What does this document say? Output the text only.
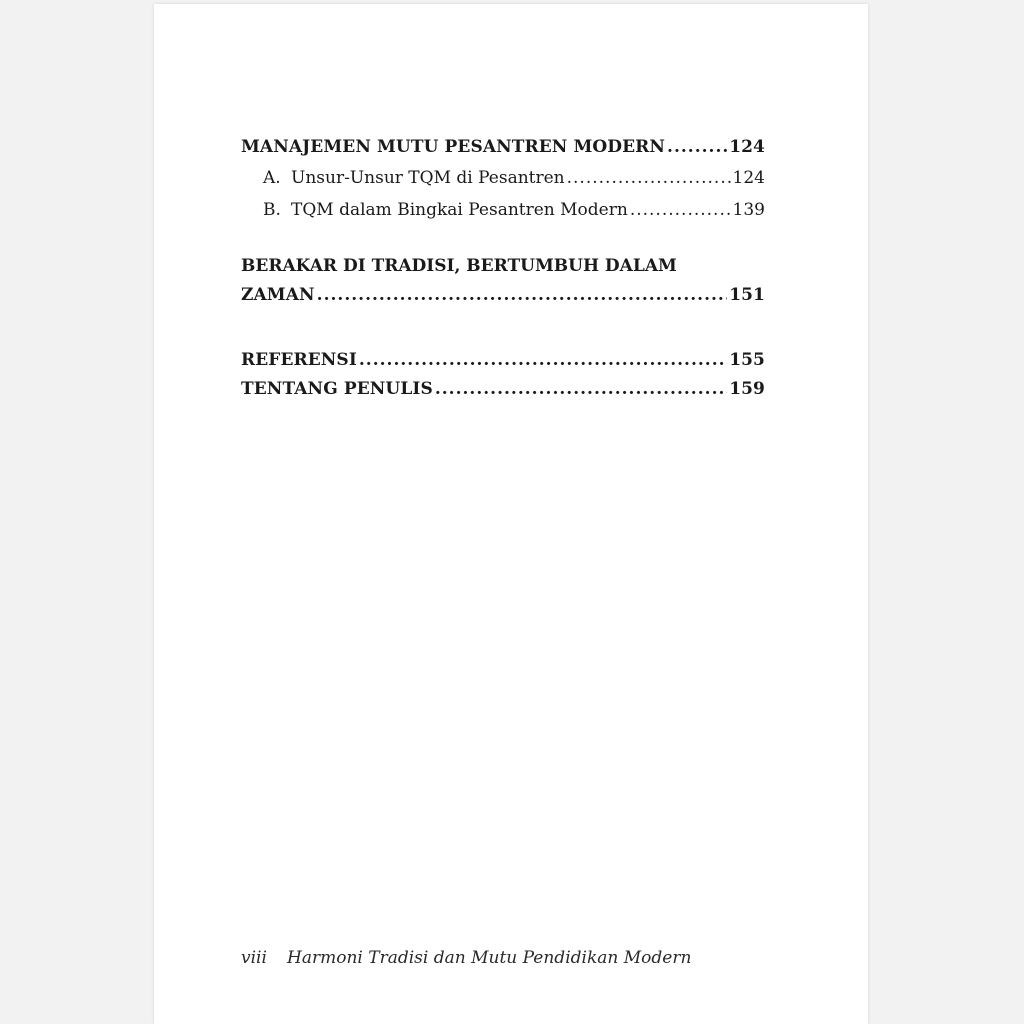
MANAJEMEN MUTU PESANTREN MODERN .....	124
A. Unsur-Unsur TQM di Pesantren .....	124
B. TQM dalam Bingkai Pesantren Modern .....	139
BERAKAR DI TRADISI, BERTUMBUH DALAM
ZAMAN .....	151
REFERENSI .....	155
TENTANG PENULIS .....	159
viii Harmoni Tradisi dan Mutu Pendidikan Modern
